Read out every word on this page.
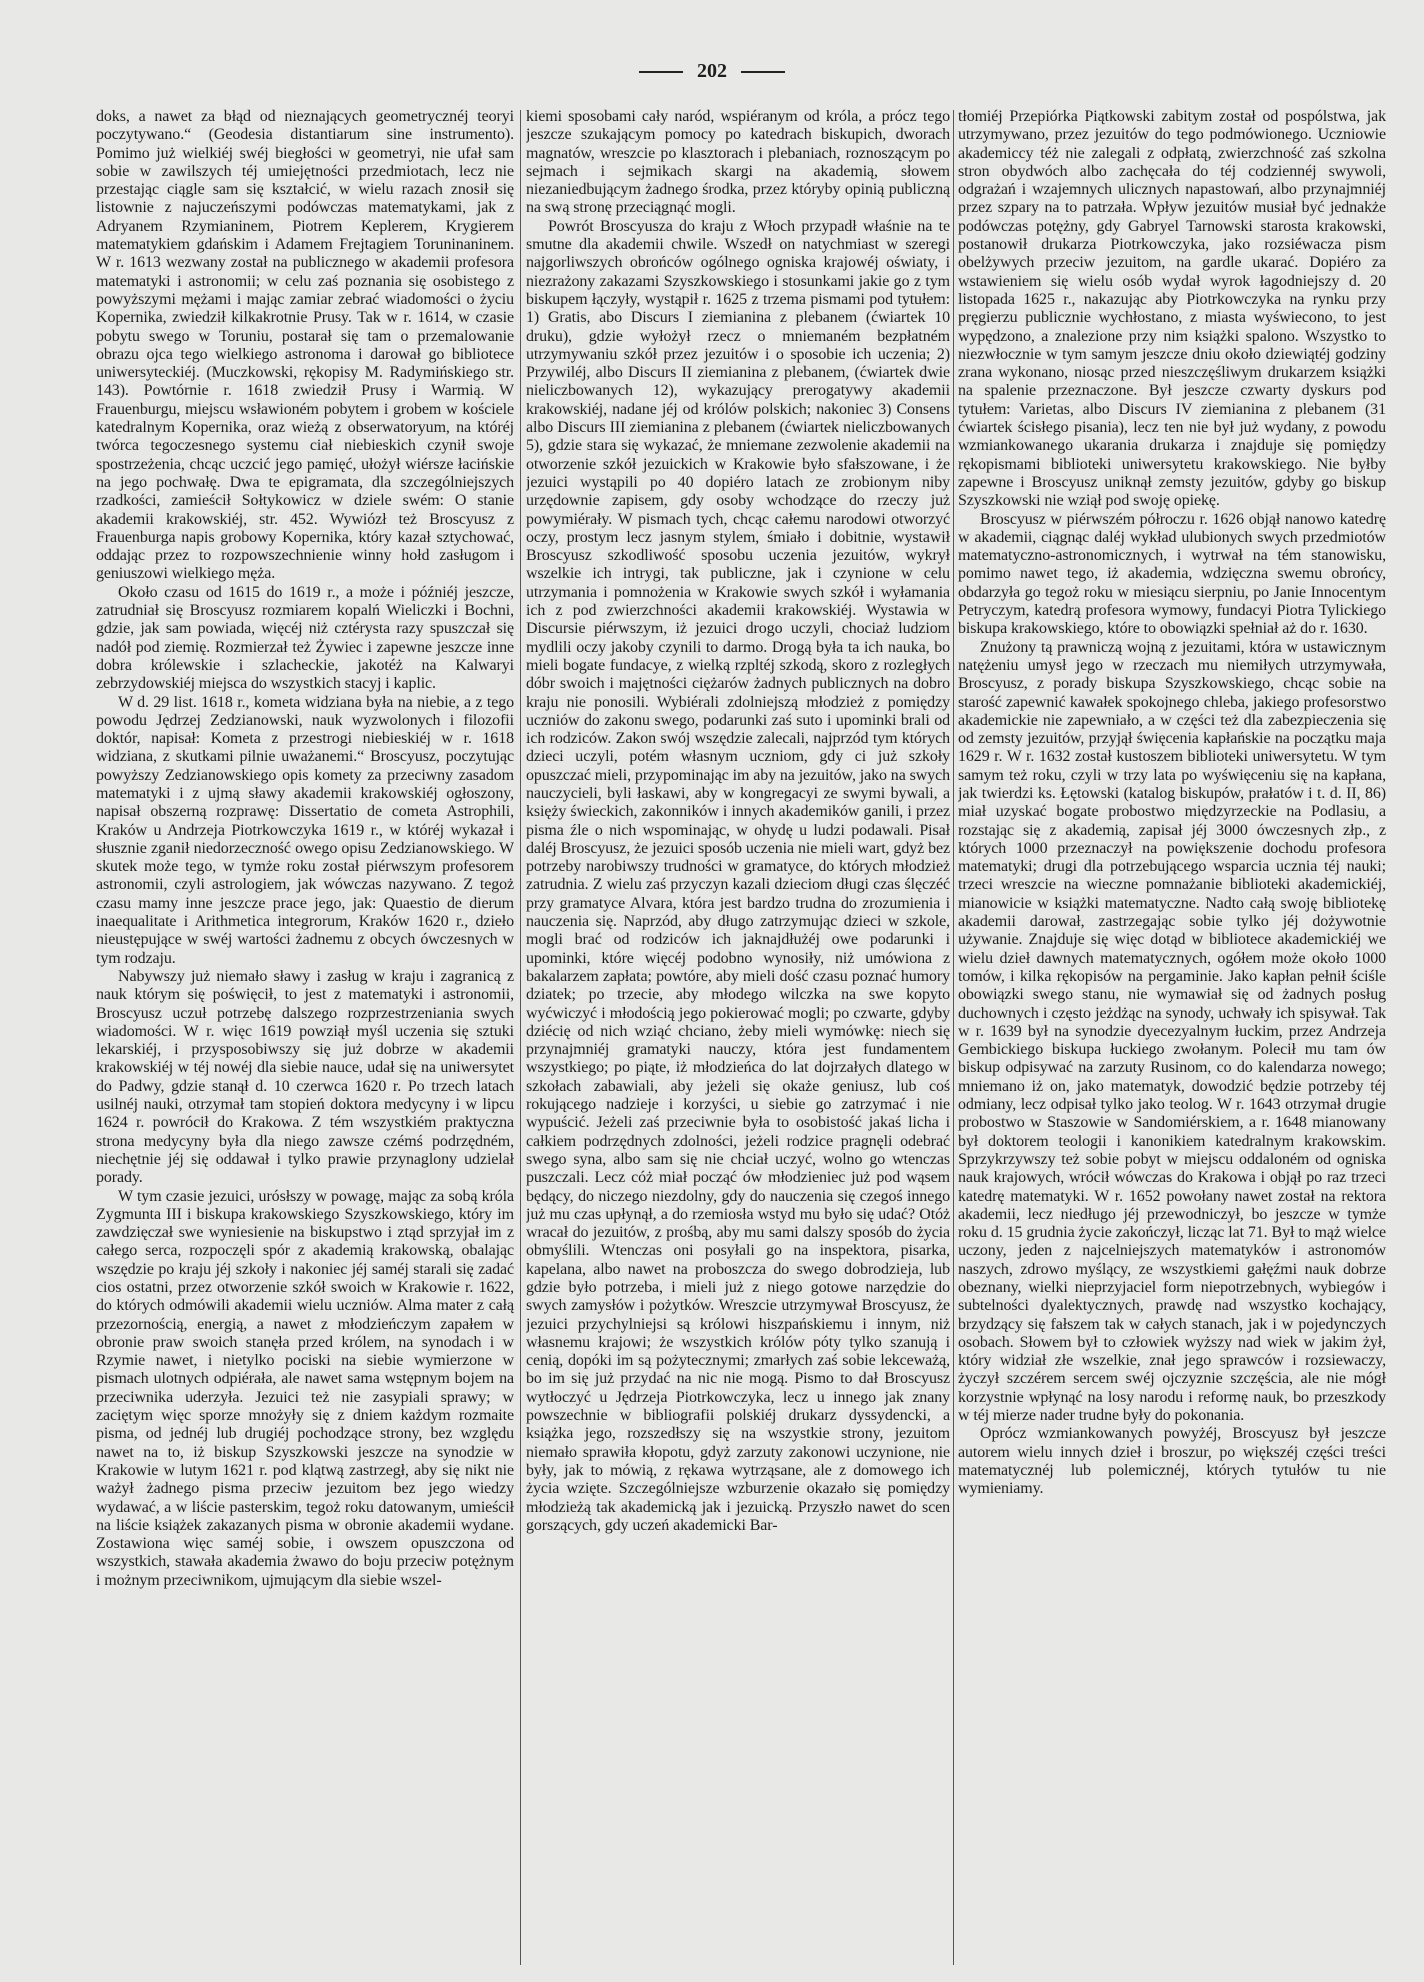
202

doks, a nawet za błąd od nieznających geometrycznéj teoryi poczytywano.“ (Geodesia distantiarum sine instrumento). Pomimo już wielkiéj swéj biegłości w geometryi, nie ufał sam sobie w zawilszych téj umiejętności przedmiotach, lecz nie przestając ciągle sam się kształcić, w wielu razach znosił się listownie z najuczeńszymi podówczas matematykami, jak z Adryanem Rzymianinem, Piotrem Keplerem, Krygierem matematykiem gdańskim i Adamem Frejtagiem Toruninaninem. W r. 1613 wezwany został na publicznego w akademii profesora matematyki i astronomii; w celu zaś poznania się osobistego z powyższymi mężami i mając zamiar zebrać wiadomości o życiu Kopernika, zwiedził kilkakrotnie Prusy. Tak w r. 1614, w czasie pobytu swego w Toruniu, postarał się tam o przemalowanie obrazu ojca tego wielkiego astronoma i darował go bibliotece uniwersyteckiéj. (Muczkowski, rękopisy M. Radymińskiego str. 143). Powtórnie r. 1618 zwiedził Prusy i Warmią. W Frauenburgu, miejscu wsławioném pobytem i grobem w kościele katedralnym Kopernika, oraz wieżą z obserwatoryum, na któréj twórca tegoczesnego systemu ciał niebieskich czynił swoje spostrzeżenia, chcąc uczcić jego pamięć, ułożył wiérsze łacińskie na jego pochwałę. Dwa te epigramata, dla szczególniejszych rzadkości, zamieścił Sołtykowicz w dziele swém: O stanie akademii krakowskiéj, str. 452. Wywiózł też Broscyusz z Frauenburga napis grobowy Kopernika, który kazał sztychować, oddając przez to rozpowszechnienie winny hołd zasługom i geniuszowi wielkiego męża.

Około czasu od 1615 do 1619 r., a może i późniéj jeszcze, zatrudniał się Broscyusz rozmiarem kopalń Wieliczki i Bochni, gdzie, jak sam powiada, więcéj niż cztérysta razy spuszczał się nadół pod ziemię. Rozmierzał też Żywiec i zapewne jeszcze inne dobra królewskie i szlacheckie, jakotéż na Kalwaryi zebrzydowskiéj miejsca do wszystkich stacyj i kaplic.

W d. 29 list. 1618 r., kometa widziana była na niebie, a z tego powodu Jędrzej Zedzianowski, nauk wyzwolonych i filozofii doktór, napisał: Kometa z przestrogi niebieskiéj w r. 1618 widziana, z skutkami pilnie uważanemi.“ Broscyusz, poczytując powyższy Zedzianowskiego opis komety za przeciwny zasadom matematyki i z ujmą sławy akademii krakowskiéj ogłoszony, napisał obszerną rozprawę: Dissertatio de cometa Astrophili, Kraków u Andrzeja Piotrkowczyka 1619 r., w któréj wykazał i słusznie zganił niedorzeczność owego opisu Zedzianowskiego. W skutek może tego, w tymże roku został piérwszym profesorem astronomii, czyli astrologiem, jak wówczas nazywano. Z tegoż czasu mamy inne jeszcze prace jego, jak: Quaestio de dierum inaequalitate i Arithmetica integrorum, Kraków 1620 r., dzieło nieustępujące w swéj wartości żadnemu z obcych ówczesnych w tym rodzaju.

Nabywszy już niemało sławy i zasług w kraju i zagranicą z nauk którym się poświęcił, to jest z matematyki i astronomii, Broscyusz uczuł potrzebę dalszego rozprzestrzeniania swych wiadomości. W r. więc 1619 powziął myśl uczenia się sztuki lekarskiéj, i przysposobiwszy się już dobrze w akademii krakowskiéj w téj nowéj dla siebie nauce, udał się na uniwersytet do Padwy, gdzie stanął d. 10 czerwca 1620 r. Po trzech latach usilnéj nauki, otrzymał tam stopień doktora medycyny i w lipcu 1624 r. powrócił do Krakowa. Z tém wszystkiém praktyczna strona medycyny była dla niego zawsze czémś podrzędném, niechętnie jéj się oddawał i tylko prawie przynaglony udzielał porady.

W tym czasie jezuici, urósłszy w powagę, mając za sobą króla Zygmunta III i biskupa krakowskiego Szyszkowskiego, który im zawdzięczał swe wyniesienie na biskupstwo i ztąd sprzyjał im z całego serca, rozpoczęli spór z akademią krakowską, obalając wszędzie po kraju jéj szkoły i nakoniec jéj saméj starali się zadać cios ostatni, przez otworzenie szkół swoich w Krakowie r. 1622, do których odmówili akademii wielu uczniów. Alma mater z całą przezornością, energią, a nawet z młodzieńczym zapałem w obronie praw swoich stanęła przed królem, na synodach i w Rzymie nawet, i nietylko pociski na siebie wymierzone w pismach ulotnych odpiérała, ale nawet sama wstępnym bojem na przeciwnika uderzyła. Jezuici też nie zasypiali sprawy; w zaciętym więc sporze mnożyły się z dniem każdym rozmaite pisma, od jednéj lub drugiéj pochodzące strony, bez względu nawet na to, iż biskup Szyszkowski jeszcze na synodzie w Krakowie w lutym 1621 r. pod klątwą zastrzegł, aby się nikt nie ważył żadnego pisma przeciw jezuitom bez jego wiedzy wydawać, a w liście pasterskim, tegoż roku datowanym, umieścił na liście książek zakazanych pisma w obronie akademii wydane. Zostawiona więc saméj sobie, i owszem opuszczona od wszystkich, stawała akademia żwawo do boju przeciw potężnym i możnym przeciwnikom, ujmującym dla siebie wszel-

kiemi sposobami cały naród, wspiéranym od króla, a prócz tego jeszcze szukającym pomocy po katedrach biskupich, dworach magnatów, wreszcie po klasztorach i plebaniach, roznoszącym po sejmach i sejmikach skargi na akademią, słowem niezaniedbującym żadnego środka, przez któryby opinią publiczną na swą stronę przeciągnąć mogli.

Powrót Broscyusza do kraju z Włoch przypadł właśnie na te smutne dla akademii chwile. Wszedł on natychmiast w szeregi najgorliwszych obrońców ogólnego ogniska krajowéj oświaty, i niezrażony zakazami Szyszkowskiego i stosunkami jakie go z tym biskupem łączyły, wystąpił r. 1625 z trzema pismami pod tytułem: 1) Gratis, abo Discurs I ziemianina z plebanem (ćwiartek 10 druku), gdzie wyłożył rzecz o mniemaném bezpłatném utrzymywaniu szkół przez jezuitów i o sposobie ich uczenia; 2) Przywiléj, albo Discurs II ziemianina z plebanem, (ćwiartek dwie nieliczbowanych 12), wykazujący prerogatywy akademii krakowskiéj, nadane jéj od królów polskich; nakoniec 3) Consens albo Discurs III ziemianina z plebanem (ćwiartek nieliczbowanych 5), gdzie stara się wykazać, że mniemane zezwolenie akademii na otworzenie szkół jezuickich w Krakowie było sfałszowane, i że jezuici wystąpili po 40 dopiéro latach ze zrobionym niby urzędownie zapisem, gdy osoby wchodzące do rzeczy już powymiérały. W pismach tych, chcąc całemu narodowi otworzyć oczy, prostym lecz jasnym stylem, śmiało i dobitnie, wystawił Broscyusz szkodliwość sposobu uczenia jezuitów, wykrył wszelkie ich intrygi, tak publiczne, jak i czynione w celu utrzymania i pomnożenia w Krakowie swych szkół i wyłamania ich z pod zwierzchności akademii krakowskiéj. Wystawia w Discursie piérwszym, iż jezuici drogo uczyli, chociaż ludziom mydlili oczy jakoby czynili to darmo. Drogą była ta ich nauka, bo mieli bogate fundacye, z wielką rzpltéj szkodą, skoro z rozległych dóbr swoich i majętności ciężarów żadnych publicznych na dobro kraju nie ponosili. Wybiérali zdolniejszą młodzież z pomiędzy uczniów do zakonu swego, podarunki zaś suto i upominki brali od ich rodziców. Zakon swój wszędzie zalecali, najprzód tym których dzieci uczyli, potém własnym uczniom, gdy ci już szkoły opuszczać mieli, przypominając im aby na jezuitów, jako na swych nauczycieli, byli łaskawi, aby w kongregacyi ze swymi bywali, a księży świeckich, zakonników i innych akademików ganili, i przez pisma źle o nich wspominając, w ohydę u ludzi podawali. Pisał daléj Broscyusz, że jezuici sposób uczenia nie mieli wart, gdyż bez potrzeby narobiwszy trudności w gramatyce, do których młodzież zatrudnia. Z wielu zaś przyczyn kazali dzieciom długi czas ślęczéć przy gramatyce Alvara, która jest bardzo trudna do zrozumienia i nauczenia się. Naprzód, aby długo zatrzymując dzieci w szkole, mogli brać od rodziców ich jaknajdłużéj owe podarunki i upominki, które więcéj podobno wynosiły, niż umówiona z bakalarzem zapłata; powtóre, aby mieli dość czasu poznać humory dziatek; po trzecie, aby młodego wilczka na swe kopyto wyćwiczyć i młodością jego pokierować mogli; po czwarte, gdyby dziécię od nich wziąć chciano, żeby mieli wymówkę: niech się przynajmniéj gramatyki nauczy, która jest fundamentem wszystkiego; po piąte, iż młodzieńca do lat dojrzałych dlatego w szkołach zabawiali, aby jeżeli się okaże geniusz, lub coś rokującego nadzieje i korzyści, u siebie go zatrzymać i nie wypuścić. Jeżeli zaś przeciwnie była to osobistość jakaś licha i całkiem podrzędnych zdolności, jeżeli rodzice pragnęli odebrać swego syna, albo sam się nie chciał uczyć, wolno go wtenczas puszczali. Lecz cóż miał począć ów młodzieniec już pod wąsem będący, do niczego niezdolny, gdy do nauczenia się czegoś innego już mu czas upłynął, a do rzemiosła wstyd mu było się udać? Otóż wracał do jezuitów, z prośbą, aby mu sami dalszy sposób do życia obmyślili. Wtenczas oni posyłali go na inspektora, pisarka, kapelana, albo nawet na proboszcza do swego dobrodzieja, lub gdzie było potrzeba, i mieli już z niego gotowe narzędzie do swych zamysłów i pożytków. Wreszcie utrzymywał Broscyusz, że jezuici przychylniejsi są królowi hiszpańskiemu i innym, niż własnemu krajowi; że wszystkich królów póty tylko szanują i cenią, dopóki im są pożytecznymi; zmarłych zaś sobie lekceważą, bo im się już przydać na nic nie mogą. Pismo to dał Broscyusz wytłoczyć u Jędrzeja Piotrkowczyka, lecz u innego jak znany powszechnie w bibliografii polskiéj drukarz dyssydencki, a książka jego, rozszedłszy się na wszystkie strony, jezuitom niemało sprawiła kłopotu, gdyż zarzuty zakonowi uczynione, nie były, jak to mówią, z rękawa wytrząsane, ale z domowego ich życia wzięte. Szczególniejsze wzburzenie okazało się pomiędzy młodzieżą tak akademicką jak i jezuicką. Przyszło nawet do scen gorszących, gdy uczeń akademicki Bar-

tłomiéj Przepiórka Piątkowski zabitym został od pospólstwa, jak utrzymywano, przez jezuitów do tego podmówionego. Uczniowie akademiccy téż nie zalegali z odpłatą, zwierzchność zaś szkolna stron obydwóch albo zachęcała do téj codziennéj swywoli, odgrażań i wzajemnych ulicznych napastowań, albo przynajmniéj przez szpary na to patrzała. Wpływ jezuitów musiał być jednakże podówczas potężny, gdy Gabryel Tarnowski starosta krakowski, postanowił drukarza Piotrkowczyka, jako rozsiéwacza pism obelżywych przeciw jezuitom, na gardle ukarać. Dopiéro za wstawieniem się wielu osób wydał wyrok łagodniejszy d. 20 listopada 1625 r., nakazując aby Piotrkowczyka na rynku przy pręgierzu publicznie wychłostano, z miasta wyświecono, to jest wypędzono, a znalezione przy nim książki spalono. Wszystko to niezwłocznie w tym samym jeszcze dniu około dziewiątéj godziny zrana wykonano, niosąc przed nieszczęśliwym drukarzem książki na spalenie przeznaczone. Był jeszcze czwarty dyskurs pod tytułem: Varietas, albo Discurs IV ziemianina z plebanem (31 ćwiartek ścisłego pisania), lecz ten nie był już wydany, z powodu wzmiankowanego ukarania drukarza i znajduje się pomiędzy rękopismami biblioteki uniwersytetu krakowskiego. Nie byłby zapewne i Broscyusz uniknął zemsty jezuitów, gdyby go biskup Szyszkowski nie wziął pod swoję opiekę.

Broscyusz w piérwszém półroczu r. 1626 objął nanowo katedrę w akademii, ciągnąc daléj wykład ulubionych swych przedmiotów matematyczno-astronomicznych, i wytrwał na tém stanowisku, pomimo nawet tego, iż akademia, wdzięczna swemu obrońcy, obdarzyła go tegoż roku w miesiącu sierpniu, po Janie Innocentym Petryczym, katedrą profesora wymowy, fundacyi Piotra Tylickiego biskupa krakowskiego, które to obowiązki spełniał aż do r. 1630.

Znużony tą prawniczą wojną z jezuitami, która w ustawicznym natężeniu umysł jego w rzeczach mu niemiłych utrzymywała, Broscyusz, z porady biskupa Szyszkowskiego, chcąc sobie na starość zapewnić kawałek spokojnego chleba, jakiego profesorstwo akademickie nie zapewniało, a w części też dla zabezpieczenia się od zemsty jezuitów, przyjął święcenia kapłańskie na początku maja 1629 r. W r. 1632 został kustoszem biblioteki uniwersytetu. W tym samym też roku, czyli w trzy lata po wyświęceniu się na kapłana, jak twierdzi ks. Łętowski (katalog biskupów, prałatów i t. d. II, 86) miał uzyskać bogate probostwo międzyrzeckie na Podlasiu, a rozstając się z akademią, zapisał jéj 3000 ówczesnych złp., z których 1000 przeznaczył na powiększenie dochodu profesora matematyki; drugi dla potrzebującego wsparcia ucznia téj nauki; trzeci wreszcie na wieczne pomnażanie biblioteki akademickiéj, mianowicie w książki matematyczne. Nadto całą swoję bibliotekę akademii darował, zastrzegając sobie tylko jéj dożywotnie używanie. Znajduje się więc dotąd w bibliotece akademickiéj we wielu dzieł dawnych matematycznych, ogółem może około 1000 tomów, i kilka rękopisów na pergaminie. Jako kapłan pełnił ściśle obowiązki swego stanu, nie wymawiał się od żadnych posług duchownych i często jeżdżąc na synody, uchwały ich spisywał. Tak w r. 1639 był na synodzie dyecezyalnym łuckim, przez Andrzeja Gembickiego biskupa łuckiego zwołanym. Polecił mu tam ów biskup odpisywać na zarzuty Rusinom, co do kalendarza nowego; mniemano iż on, jako matematyk, dowodzić będzie potrzeby téj odmiany, lecz odpisał tylko jako teolog. W r. 1643 otrzymał drugie probostwo w Staszowie w Sandomiérskiem, a r. 1648 mianowany był doktorem teologii i kanonikiem katedralnym krakowskim. Sprzykrzywszy też sobie pobyt w miejscu oddaloném od ogniska nauk krajowych, wrócił wówczas do Krakowa i objął po raz trzeci katedrę matematyki. W r. 1652 powołany nawet został na rektora akademii, lecz niedługo jéj przewodniczył, bo jeszcze w tymże roku d. 15 grudnia życie zakończył, licząc lat 71. Był to mąż wielce uczony, jeden z najcelniejszych matematyków i astronomów naszych, zdrowo myślący, ze wszystkiemi gałęźmi nauk dobrze obeznany, wielki nieprzyjaciel form niepotrzebnych, wybiegów i subtelności dyalektycznych, prawdę nad wszystko kochający, brzydzący się fałszem tak w całych stanach, jak i w pojedynczych osobach. Słowem był to człowiek wyższy nad wiek w jakim żył, który widział złe wszelkie, znał jego sprawców i rozsiewaczy, życzył szczérem sercem swéj ojczyznie szczęścia, ale nie mógł korzystnie wpłynąć na losy narodu i reformę nauk, bo przeszkody w téj mierze nader trudne były do pokonania.

Oprócz wzmiankowanych powyżéj, Broscyusz był jeszcze autorem wielu innych dzieł i broszur, po większéj części treści matematycznéj lub polemicznéj, których tytułów tu nie wymieniamy.
